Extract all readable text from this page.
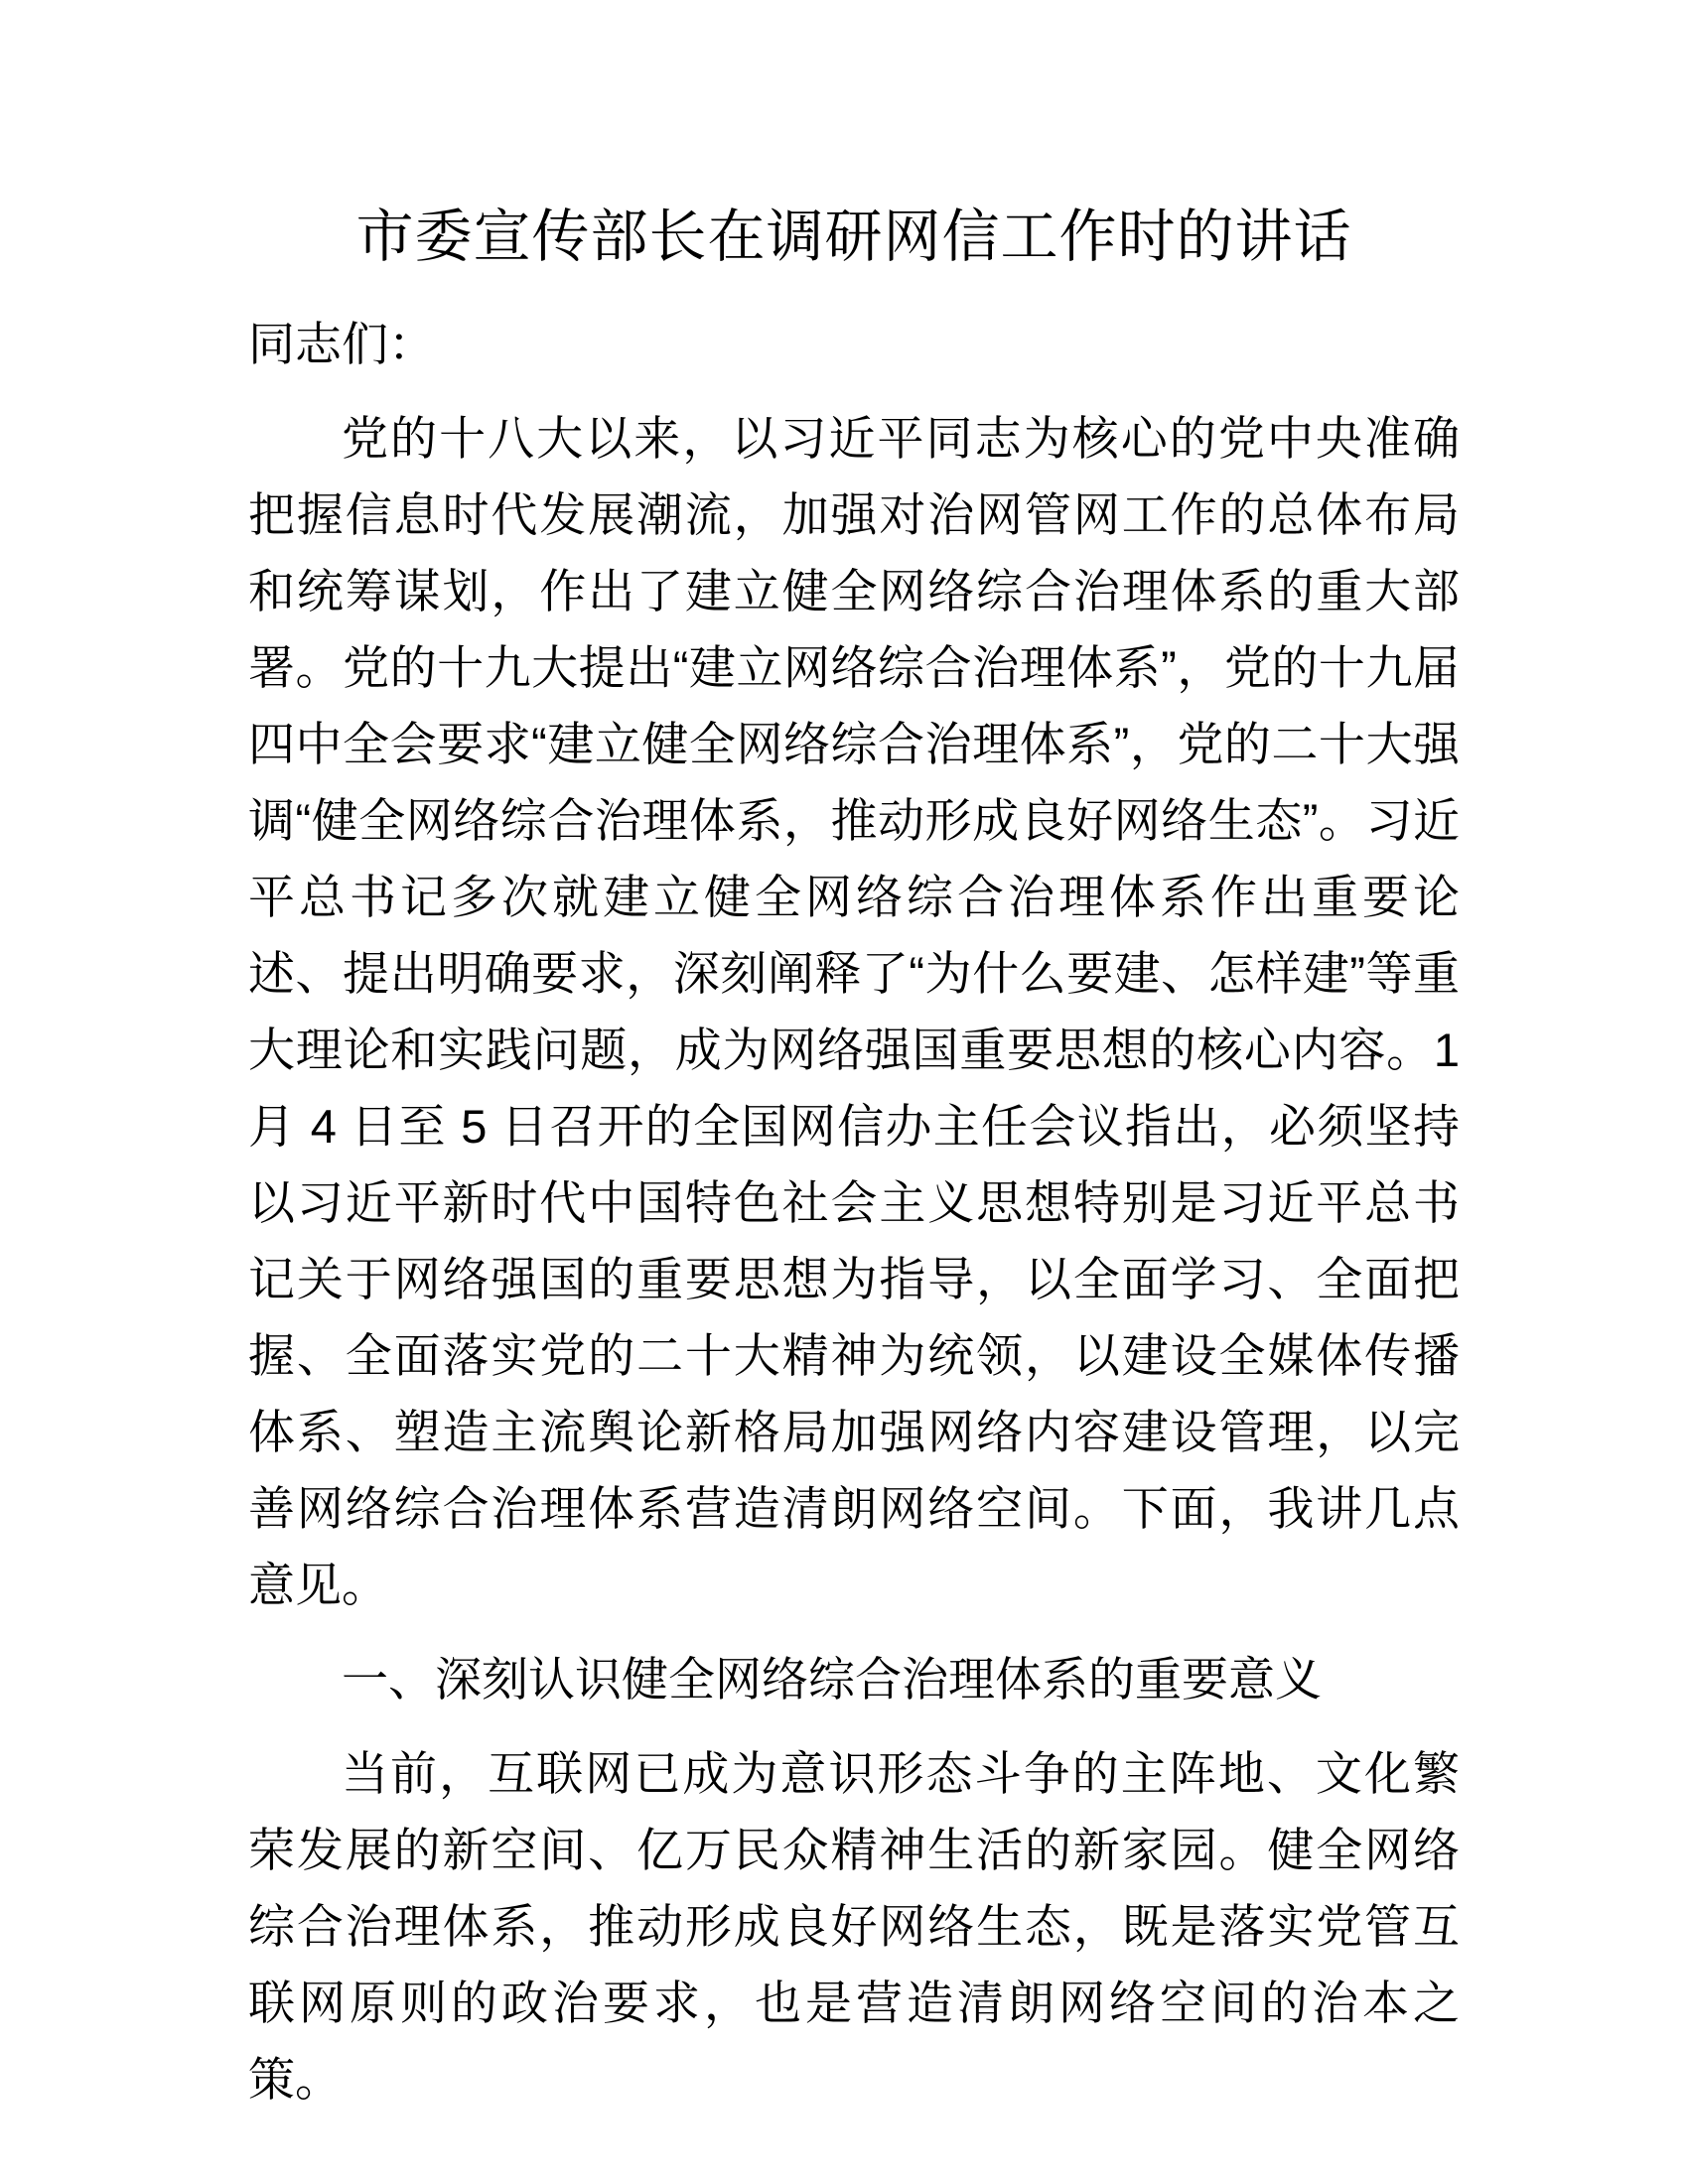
市委宣传部长在调研网信工作时的讲话

同志们：

党的十八大以来，以习近平同志为核心的党中央准确把握信息时代发展潮流，加强对治网管网工作的总体布局和统筹谋划，作出了建立健全网络综合治理体系的重大部署。党的十九大提出“建立网络综合治理体系”，党的十九届四中全会要求“建立健全网络综合治理体系”，党的二十大强调“健全网络综合治理体系，推动形成良好网络生态”。习近平总书记多次就建立健全网络综合治理体系作出重要论述、提出明确要求，深刻阐释了“为什么要建、怎样建”等重大理论和实践问题，成为网络强国重要思想的核心内容。1 月 4 日至 5 日召开的全国网信办主任会议指出，必须坚持以习近平新时代中国特色社会主义思想特别是习近平总书记关于网络强国的重要思想为指导，以全面学习、全面把握、全面落实党的二十大精神为统领，以建设全媒体传播体系、塑造主流舆论新格局加强网络内容建设管理，以完善网络综合治理体系营造清朗网络空间。下面，我讲几点意见。

一、深刻认识健全网络综合治理体系的重要意义

当前，互联网已成为意识形态斗争的主阵地、文化繁荣发展的新空间、亿万民众精神生活的新家园。健全网络综合治理体系，推动形成良好网络生态，既是落实党管互联网原则的政治要求，也是营造清朗网络空间的治本之策。
